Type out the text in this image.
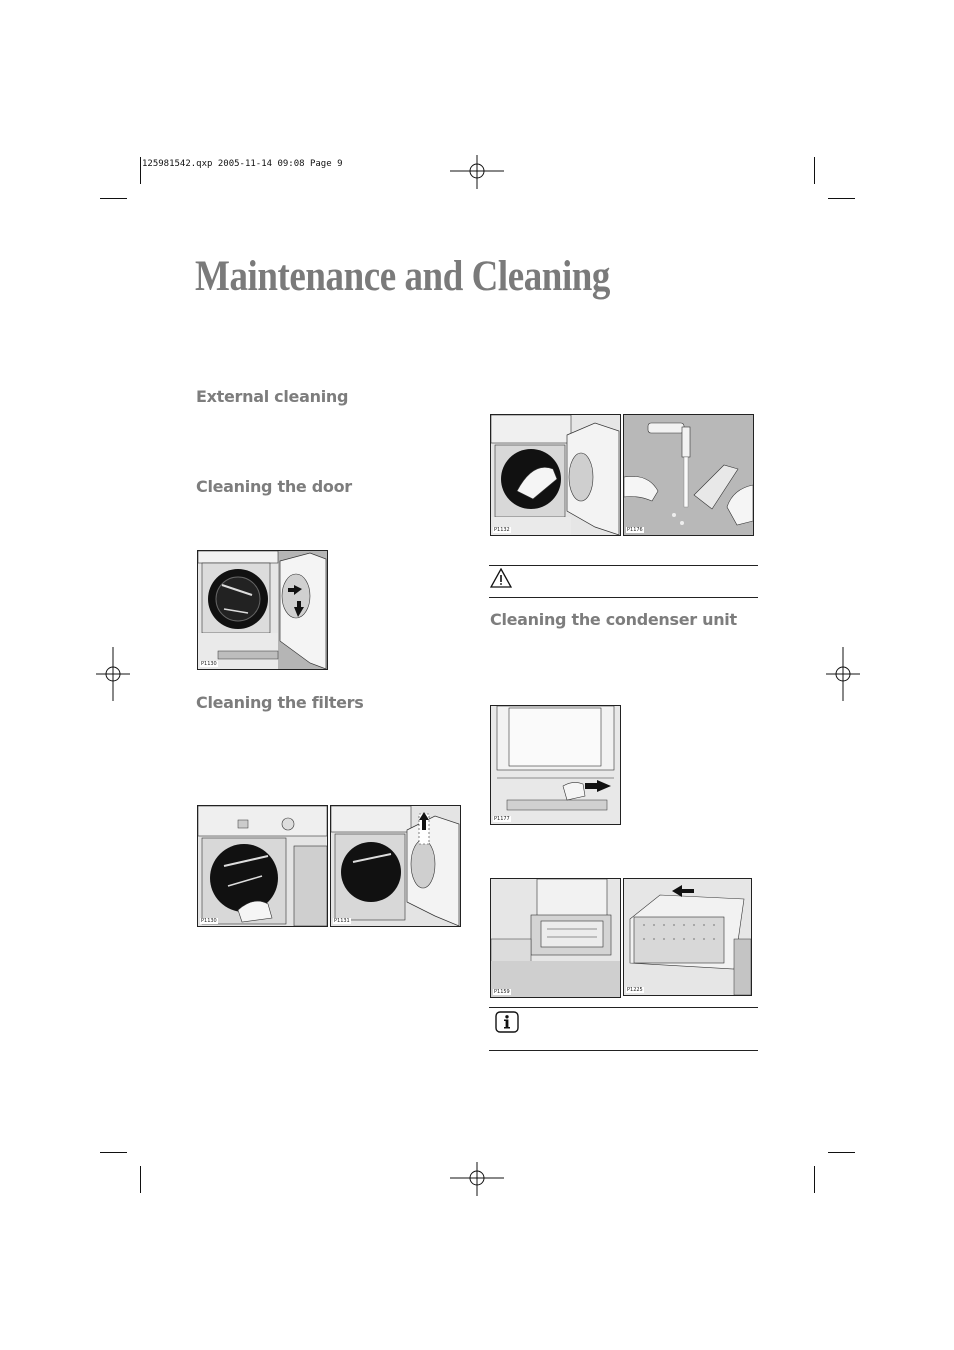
125981542.qxp 2005-11-14 09:08 Page 9
Maintenance and Cleaning
External cleaning
Cleaning the door
Cleaning the filters
P1130
P1130	P1131
P1132	P1176
Cleaning the condenser unit
P1177
P1159	P1225
